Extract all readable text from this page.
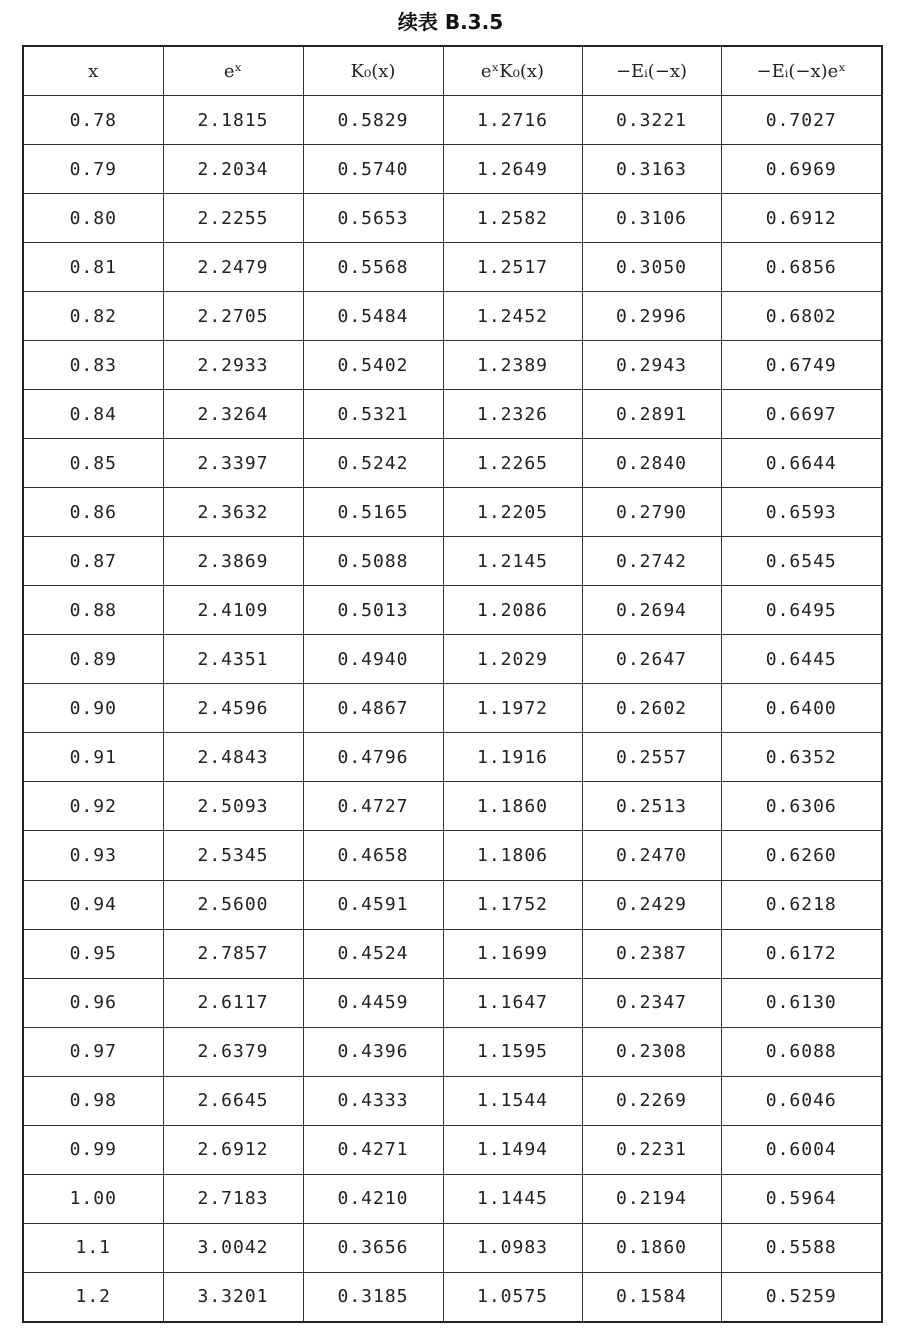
续表 B.3.5
x	eˣ	K₀(x)	eˣK₀(x)	−Eᵢ(−x)	−Eᵢ(−x)eˣ
0.78	2.1815	0.5829	1.2716	0.3221	0.7027
0.79	2.2034	0.5740	1.2649	0.3163	0.6969
0.80	2.2255	0.5653	1.2582	0.3106	0.6912
0.81	2.2479	0.5568	1.2517	0.3050	0.6856
0.82	2.2705	0.5484	1.2452	0.2996	0.6802
0.83	2.2933	0.5402	1.2389	0.2943	0.6749
0.84	2.3264	0.5321	1.2326	0.2891	0.6697
0.85	2.3397	0.5242	1.2265	0.2840	0.6644
0.86	2.3632	0.5165	1.2205	0.2790	0.6593
0.87	2.3869	0.5088	1.2145	0.2742	0.6545
0.88	2.4109	0.5013	1.2086	0.2694	0.6495
0.89	2.4351	0.4940	1.2029	0.2647	0.6445
0.90	2.4596	0.4867	1.1972	0.2602	0.6400
0.91	2.4843	0.4796	1.1916	0.2557	0.6352
0.92	2.5093	0.4727	1.1860	0.2513	0.6306
0.93	2.5345	0.4658	1.1806	0.2470	0.6260
0.94	2.5600	0.4591	1.1752	0.2429	0.6218
0.95	2.7857	0.4524	1.1699	0.2387	0.6172
0.96	2.6117	0.4459	1.1647	0.2347	0.6130
0.97	2.6379	0.4396	1.1595	0.2308	0.6088
0.98	2.6645	0.4333	1.1544	0.2269	0.6046
0.99	2.6912	0.4271	1.1494	0.2231	0.6004
1.00	2.7183	0.4210	1.1445	0.2194	0.5964
1.1	3.0042	0.3656	1.0983	0.1860	0.5588
1.2	3.3201	0.3185	1.0575	0.1584	0.5259
